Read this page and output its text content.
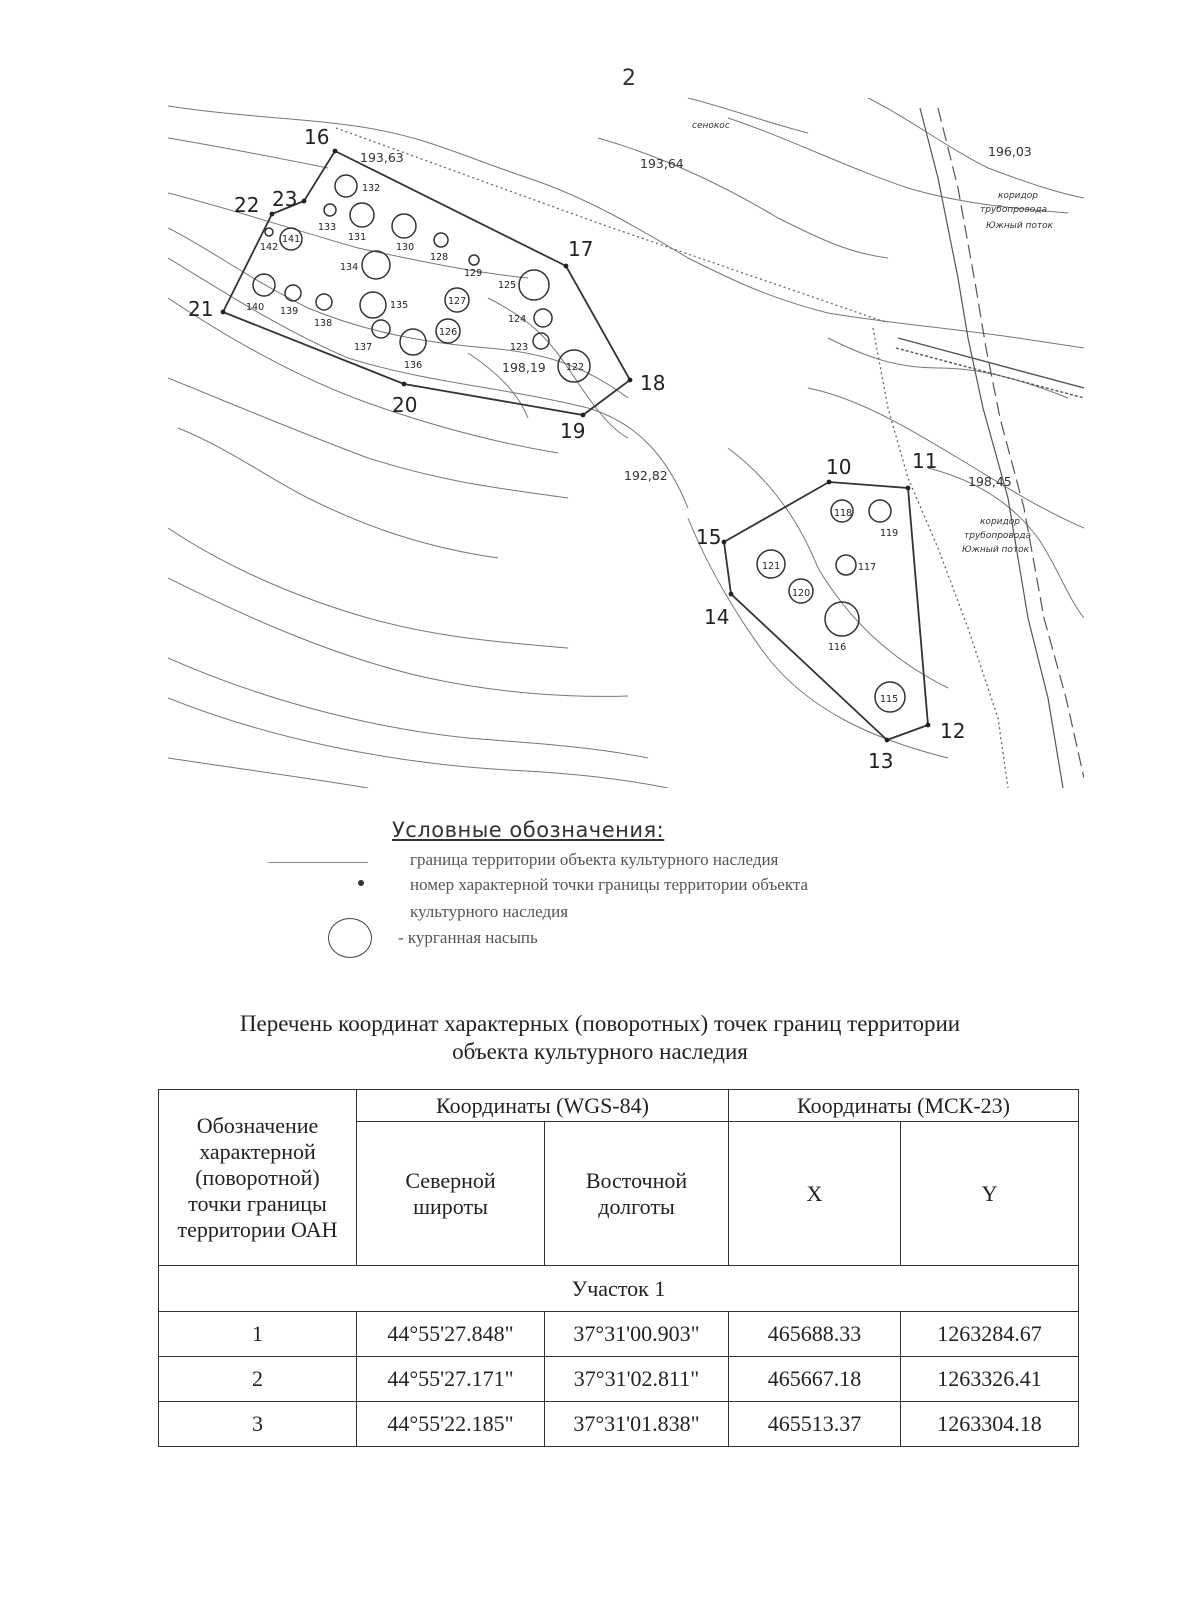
2
16
17
18
19
20
21
22 23
10	11
12
13
14
15
132
133
131
130
128
129
134
141
142
140 139
138
135
137
136
126
127
125
124
123
122
118
119
117
120
121
116
115
193,63	193,64
196,03
198,19
192,82	198,45
сенокос
коридор
трубопровода
Южный поток
коридор
трубопровода
Южный поток
Условные обозначения:
граница территории объекта культурного наследия
номер характерной точки границы территории объекта
культурного наследия
- курганная насыпь
Перечень координат характерных (поворотных) точек границ территории
объекта культурного наследия
Обозначение характерной (поворотной) точки границы территории ОАН	Координаты (WGS-84)		Координаты (МСК-23)	
	Северной широты	Восточной долготы	X	Y
Участок 1				
1	44°55'27.848"	37°31'00.903"	465688.33	1263284.67
2	44°55'27.171"	37°31'02.811"	465667.18	1263326.41
3	44°55'22.185"	37°31'01.838"	465513.37	1263304.18
